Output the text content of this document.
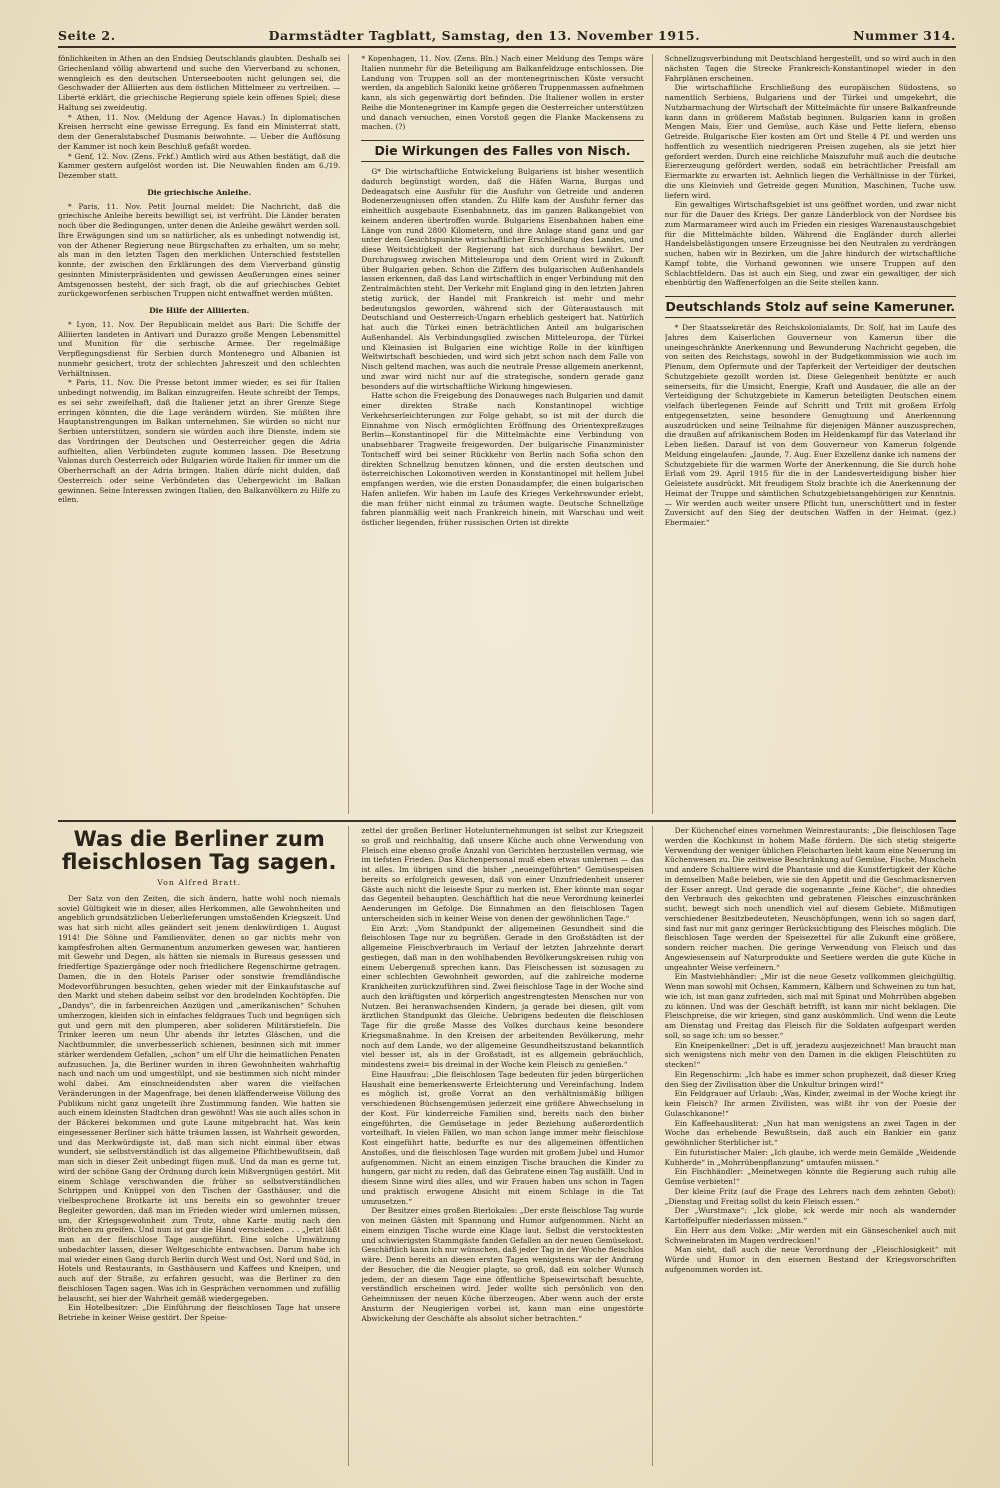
Seite 2.	Darmstädter Tagblatt, Samstag, den 13. November 1915.	Nummer 314.

fönlichkeiten in Athen an den Endsieg Deutschlands glaubten. Deshalb sei Griechenland völlig abwartend und suche den Vierverband zu schonen, wenngleich es den deutschen Unterseebooten nicht gelungen sei, die Geschwader der Alliierten aus dem östlichen Mittelmeer zu vertreiben. — Liberté erklärt, die griechische Regierung spiele kein offenes Spiel; diese Haltung sei zweideutig.

* Athen, 11. Nov. (Meldung der Agence Havas.) In diplomatischen Kreisen herrscht eine gewisse Erregung. Es fand ein Ministerrat statt, dem der Generalstabschef Dusmanis beiwohnte. — Ueber die Auflösung der Kammer ist noch kein Beschluß gefaßt worden.

* Genf, 12. Nov. (Zens. Frkf.) Amtlich wird aus Athen bestätigt, daß die Kammer gestern aufgelöst worden ist. Die Neuwahlen finden am 6./19. Dezember statt.

Die griechische Anleihe.

* Paris, 11. Nov. Petit Journal meldet: Die Nachricht, daß die griechische Anleihe bereits bewilligt sei, ist verfrüht. Die Länder beraten noch über die Bedingungen, unter denen die Anleihe gewährt werden soll. Ihre Erwägungen sind um so natürlicher, als es unbedingt notwendig ist, von der Athener Regierung neue Bürgschaften zu erhalten, um so mehr, als man in den letzten Tagen den merklichen Unterschied feststellen konnte, der zwischen den Erklärungen des dem Vierverband günstig gesinnten Ministerpräsidenten und gewissen Aeußerungen eines seiner Amtsgenossen besteht, der sich fragt, ob die auf griechisches Gebiet zurückgeworfenen serbischen Truppen nicht entwaffnet werden müßten.

Die Hilfe der Alliierten.

* Lyon, 11. Nov. Der Republicain meldet aus Bari: Die Schiffe der Alliierten landeten in Antivari und Durazzo große Mengen Lebensmittel und Munition für die serbische Armee. Der regelmäßige Verpflegungsdienst für Serbien durch Montenegro und Albanien ist nunmehr gesichert, trotz der schlechten Jahreszeit und den schlechten Verhältnissen.

* Paris, 11. Nov. Die Presse betont immer wieder, es sei für Italien unbedingt notwendig, im Balkan einzugreifen. Heute schreibt der Temps, es sei sehr zweifelhaft, daß die Italiener jetzt an ihrer Grenze Siege erringen könnten, die die Lage verändern würden. Sie müßten ihre Hauptanstrengungen im Balkan unternehmen. Sie würden so nicht nur Serbien unterstützen, sondern sie würden auch ihre Dienste, indem sie das Vordringen der Deutschen und Oesterreicher gegen die Adria aufhielten, allen Verbündeten zugute kommen lassen. Die Besetzung Valonas durch Oesterreich oder Bulgarien würde Italien für immer um die Oberherrschaft an der Adria bringen. Italien dürfe nicht dulden, daß Oesterreich oder seine Verbündeten das Uebergewicht im Balkan gewinnen. Seine Interessen zwingen Italien, den Balkanvölkern zu Hilfe zu eilen.

* Kopenhagen, 11. Nov. (Zens. Bln.) Nach einer Meldung des Temps wäre Italien nunmehr für die Beteiligung am Balkanfeldzuge entschlossen. Die Landung von Truppen soll an der montenegrinischen Küste versucht werden, da angeblich Saloniki keine größeren Truppenmassen aufnehmen kann, als sich gegenwärtig dort befinden. Die Italiener wollen in erster Reihe die Montenegriner im Kampfe gegen die Oesterreicher unterstützen und danach versuchen, einen Vorstoß gegen die Flanke Mackensens zu machen. (?)

Die Wirkungen des Falles von Nisch.

G* Die wirtschaftliche Entwickelung Bulgariens ist bisher wesentlich dadurch begünstigt worden, daß die Häfen Warna, Burgas und Dedeagatsch eine Ausfuhr für die Ausfuhr von Getreide und anderen Bodenerzeugnissen offen standen. Zu Hilfe kam der Ausfuhr ferner das einheitlich ausgebaute Eisenbahnnetz, das im ganzen Balkangebiet von keinem anderen übertroffen wurde. Bulgariens Eisenbahnen haben eine Länge von rund 2800 Kilometern, und ihre Anlage stand ganz und gar unter dem Gesichtspunkte wirtschaftlicher Erschließung des Landes, und diese Weitsichtigkeit der Regierung hat sich durchaus bewährt. Der Durchzugsweg zwischen Mitteleuropa und dem Orient wird in Zukunft über Bulgarien gehen. Schon die Ziffern des bulgarischen Außenhandels lassen erkennen, daß das Land wirtschaftlich in enger Verbindung mit den Zentralmächten steht. Der Verkehr mit England ging in den letzten Jahren stetig zurück, der Handel mit Frankreich ist mehr und mehr bedeutungslos geworden, während sich der Güteraustausch mit Deutschland und Oesterreich-Ungarn erheblich gesteigert hat. Natürlich hat auch die Türkei einen beträchtlichen Anteil am bulgarischen Außenhandel. Als Verbindungsglied zwischen Mitteleuropa, der Türkei und Kleinasien ist Bulgarien eine wichtige Rolle in der künftigen Weltwirtschaft beschieden, und wird sich jetzt schon nach dem Falle von Nisch geltend machen, was auch die neutrale Presse allgemein anerkennt, und zwar wird nicht nur auf die strategische, sondern gerade ganz besonders auf die wirtschaftliche Wirkung hingewiesen.

Hatte schon die Freigebung des Donauweges nach Bulgarien und damit einer direkten Straße nach Konstantinopel wichtige Verkehrserleichterungen zur Folge gehabt, so ist mit der durch die Einnahme von Nisch ermöglichten Eröffnung des Orientexpreßzuges Berlin—Konstantinopel für die Mittelmächte eine Verbindung von unabsehbarer Tragweite freigeworden. Der bulgarische Finanzminister Tontscheff wird bei seiner Rückkehr von Berlin nach Sofia schon den direkten Schnellzug benutzen können, und die ersten deutschen und österreichischen Lokomotiven werden in Konstantinopel mit hellem Jubel empfangen werden, wie die ersten Donaudampfer, die einen bulgarischen Hafen anliefen. Wir haben im Laufe des Krieges Verkehrswunder erlebt, die man früher nicht einmal zu träumen wagte. Deutsche Schnellzüge fahren planmäßig weit nach Frankreich hinein, mit Warschau und weit östlicher liegenden, früher russischen Orten ist direkte

Schnellzugsverbindung mit Deutschland hergestellt, und so wird auch in den nächsten Tagen die Strecke Frankreich-Konstantinopel wieder in den Fahrplänen erscheinen.

Die wirtschaftliche Erschließung des europäischen Südostens, so namentlich Serbiens, Bulgariens und der Türkei und umgekehrt, die Nutzbarmachung der Wirtschaft der Mittelmächte für unsere Balkanfreunde kann dann in größerem Maßstab beginnen. Bulgarien kann in großen Mengen Mais, Eier und Gemüse, auch Käse und Fette liefern, ebenso Getreide. Bulgarische Eier kosten am Ort und Stelle 4 Pf. und werden uns hoffentlich zu wesentlich niedrigeren Preisen zugehen, als sie jetzt hier gefordert werden. Durch eine reichliche Maiszufuhr muß auch die deutsche Eiererzeugung gefördert werden, sodaß ein beträchtlicher Preisfall am Eiermarkte zu erwarten ist. Aehnlich liegen die Verhältnisse in der Türkei, die uns Kleinvieh und Getreide gegen Munition, Maschinen, Tuche usw. liefern wird.

Ein gewaltiges Wirtschaftsgebiet ist uns geöffnet worden, und zwar nicht nur für die Dauer des Kriegs. Der ganze Länderblock von der Nordsee bis zum Marmarameer wird auch im Frieden ein riesiges Warenaustauschgebiet für die Mittelmächte bilden. Während die Engländer durch allerlei Handelsbelästigungen unsere Erzeugnisse bei den Neutralen zu verdrängen suchen, haben wir in Bezirken, um die Jahre hindurch der wirtschaftliche Kampf tobte, die Vorhand gewonnen wie unsere Truppen auf den Schlachtfeldern. Das ist auch ein Sieg, und zwar ein gewaltiger, der sich ebenbürtig den Waffenerfolgen an die Seite stellen kann.

Deutschlands Stolz auf seine Kameruner.

* Der Staatssekretär des Reichskolonialamts, Dr. Solf, hat im Laufe des Jahres dem Kaiserlichen Gouverneur von Kamerun über die uneingeschränkte Anerkennung und Bewunderung Nachricht gegeben, die von seiten des Reichstags, sowohl in der Budgetkommission wie auch im Plenum, dem Opfermute und der Tapferkeit der Verteidiger der deutschen Schutzgebiete gezollt worden ist. Diese Gelegenheit benützte er auch seinerseits, für die Umsicht, Energie, Kraft und Ausdauer, die alle an der Verteidigung der Schutzgebiete in Kamerun beteiligten Deutschen einem vielfach überlegenen Feinde auf Schritt und Tritt mit großem Erfolg entgegensetzten, seine besondere Genugtuung und Anerkennung auszudrücken und seine Teilnahme für diejenigen Männer auszusprechen, die draußen auf afrikanischem Boden im Heldenkampf für das Vaterland ihr Leben ließen. Darauf ist von dem Gouverneur von Kamerun folgende Meldung eingelaufen: „Jaunde, 7. Aug. Euer Exzellenz danke ich namens der Schutzgebiete für die warmen Worte der Anerkennung, die Sie durch hohe Erlaß vom 29. April 1915 für die in der Landesverteidigung bisher hier Geleistete ausdrückt. Mit freudigem Stolz brachte ich die Anerkennung der Heimat der Truppe und sämtlichen Schutzgebietsangehörigen zur Kenntnis. — Wir werden auch weiter unsere Pflicht tun, unerschüttert und in fester Zuversicht auf den Sieg der deutschen Waffen in der Heimat. (gez.) Ebermaier.“

Was die Berliner zum fleischlosen Tag sagen.
Von Alfred Bratt.

Der Satz von den Zeiten, die sich ändern, hatte wohl noch niemals soviel Gültigkeit wie in dieser, alles Herkommen, alle Gewohnheiten und angeblich grundsätzlichen Ueberlieferungen umstoßenden Kriegszeit. Und was hat sich nicht alles geändert seit jenem denkwürdigen 1. August 1914! Die Söhne und Familienväter, denen so gar nichts mehr von kampfesfrohen alten Germanentum anzumerken gewesen war, hantieren mit Gewehr und Degen, als hätten sie niemals in Bureaus gesessen und friedfertige Spaziergänge oder noch friedlichere Regenschirme getragen. Damen, die in den Hotels Pariser oder sonstwie fremdländische Modevorführungen besuchten, gehen wieder mit der Einkaufstasche auf den Markt und stehen dabeim selbst vor den brodelnden Kochtöpfen. Die „Dandys“, die in farbenreichen Anzügen und „amerikanischen“ Schuhen umherzogen, kleiden sich in einfaches feldgraues Tuch und begnügen sich gut und gern mit den plumperen, aber solideren Militärstiefeln. Die Trinker leeren um neun Uhr abends ihr letztes Gläschen, und die Nachtbummler, die unverbesserlich schienen, besinnen sich mit immer stärker werdendem Gefallen, „schon“ um elf Uhr die heimatlichen Penaten aufzusuchen. Ja, die Berliner wurden in ihren Gewohnheiten wahrhaftig nach und nach um und umgestülpt, und sie bestimmen sich nicht minder wohl dabei. Am einschneidendsten aber waren die vielfachen Veränderungen in der Magenfrage, bei denen kläffenderweise Völlung des Publikum nicht ganz ungeteilt ihre Zustimmung fanden. Wie hatten sie auch einem kleinsten Stadtchen dran gewöhnt! Was sie auch alles schon in der Bäckerei bekommen und gute Laune mitgebracht hat. Was kein eingesessener Berliner sich hätte träumen lassen, ist Wahrheit geworden, und das Merkwürdigste ist, daß man sich nicht einmal über etwas wundert, sie selbstverständlich ist das allgemeine Pflichtbewußtsein, daß man sich in dieser Zeit unbedingt fügen muß. Und da man es gerne tut, wird der schöne Gang der Ordnung durch kein Mißvergnügen gestört. Mit einem Schlage verschwanden die früher so selbstverständlichen Schrippen und Knüppel von den Tischen der Gasthäuser, und die vielbesprochene Brotkarte ist uns bereits ein so gewohnter treuer Begleiter geworden, daß man im Frieden wieder wird umlernen müssen, um, der Kriegsgewohnheit zum Trotz, ohne Karte mutig nach den Brötchen zu greifen. Und nun ist gar die Hand verschieden . . . „Jetzt läßt man an der fleischlose Tage ausgeführt. Eine solche Umwälzung unbedachter lassen, dieser Weltgeschichte entwachsen. Darum habe ich mal wieder einen Gang durch Berlin durch West und Ost, Nord und Süd, in Hotels und Restaurants, in Gasthäusern und Kaffees und Kneipen, und auch auf der Straße, zu erfahren gesucht, was die Berliner zu den fleischlosen Tagen sagen. Was ich in Gesprächen vernommen und zufällig belauscht, sei hier der Wahrheit gemäß wiedergegeben.

Ein Hotelbesitzer: „Die Einführung der fleischlosen Tage hat unsere Betriebe in keiner Weise gestört. Der Speise-

zettel der großen Berliner Hotelunternehmungen ist selbst zur Kriegszeit so groß und reichhaltig, daß unsere Küche auch ohne Verwendung von Fleisch eine ebenso große Anzahl von Gerichten herzustellen vermag, wie im tiefsten Frieden. Das Küchenpersonal muß eben etwas umlernen — das ist alles. Im übrigen sind die bisher „neueingeführten“ Gemüsespeisen bereits so erfolgreich gewesen, daß von einer Unzufriedenheit unserer Gäste auch nicht die leiseste Spur zu merken ist. Eher könnte man sogar das Gegenteil behaupten. Geschäftlich hat die neue Verordnung keinerlei Aenderungen im Gefolge. Die Einnahmen an den fleischlosen Tagen unterscheiden sich in keiner Weise von denen der gewöhnlichen Tage.“

Ein Arzt: „Vom Standpunkt der allgemeinen Gesundheit sind die fleischlosen Tage nur zu begrüßen. Gerade in den Großstädten ist der allgemeine Fleischverbrauch im Verlauf der letzten Jahrzehnte derart gestiegen, daß man in den wohlhabenden Bevölkerungskreisen ruhig von einem Uebergenuß sprechen kann. Das Fleischessen ist sozusagen zu einer schlechten Gewohnheit geworden, auf die zahlreiche moderne Krankheiten zurückzuführen sind. Zwei fleischlose Tage in der Woche sind auch den kräftigsten und körperlich angestrengtesten Menschen nur von Nutzen. Bei heranwachsenden Kindern, ja gerade bei diesen, gilt vom ärztlichen Standpunkt das Gleiche. Uebrigens bedeuten die fleischlosen Tage für die große Masse des Volkes durchaus keine besondere Kriegsmaßnahme. In den Kreisen der arbeitenden Bevölkerung, mehr noch auf dem Lande, wo der allgemeine Gesundheitszustand bekanntlich viel besser ist, als in der Großstadt, ist es allgemein gebräuchlich, mindestens zwei= bis dreimal in der Woche kein Fleisch zu genießen.“

Eine Hausfrau: „Die fleischlosen Tage bedeuten für jeden bürgerlichen Haushalt eine bemerkenswerte Erleichterung und Vereinfachung. Indem es möglich ist, große Vorrat an den verhältnismäßig billigen verschiedenen Büchsengemüsen jederzeit eine größere Abwechselung in der Kost. Für kinderreiche Familien sind, bereits nach den bisher eingeführten, die Gemüsetage in jeder Beziehung außerordentlich vorteilhaft. In vielen Fällen, wo man schon lange immer mehr fleischlose Kost eingeführt hatte, bedurfte es nur des allgemeinen öffentlichen Anstoßes, und die fleischlosen Tage wurden mit großem Jubel und Humor aufgenommen. Nicht an einem einzigen Tische brauchen die Kinder zu hungern, gar nicht zu reden, daß das Gebratene einen Tag ausfällt. Und in diesem Sinne wird dies alles, und wir Frauen haben uns schon in Tagen und praktisch erwogene Absicht mit einem Schlage in die Tat umzusetzen.“

Der Besitzer eines großen Bierlokales: „Der erste fleischlose Tag wurde von meinen Gästen mit Spannung und Humor aufgenommen. Nicht an einem einzigen Tische wurde eine Klage laut. Selbst die verstocktesten und schwierigsten Stammgäste fanden Gefallen an der neuen Gemüsekost. Geschäftlich kann ich nur wünschen, daß jeder Tag in der Woche fleischlos wäre. Denn bereits an diesen ersten Tagen wenigstens war der Andrang der Besucher, die die Neugier plagte, so groß, daß ein solcher Wunsch jedem, der an diesem Tage eine öffentliche Speisewirtschaft besuchte, verständlich erscheinen wird. Jeder wollte sich persönlich von den Geheimnissen der neuen Küche überzeugen. Aber wenn auch der erste Ansturm der Neugierigen vorbei ist, kann man eine ungestörte Abwickelung der Geschäfte als absolut sicher betrachten.“

Der Küchenchef eines vornehmen Weinrestaurants: „Die fleischlosen Tage werden die Kochkunst in hohem Maße fördern. Die sich stetig steigerte Verwendung der weniger üblichen Fleischarten liebt kaum eine Neuerung im Küchenwesen zu. Die zeitweise Beschränkung auf Gemüse, Fische, Muscheln und andere Schaltiere wird die Phantasie und die Kunstfertigkeit der Küche in demselben Maße beleben, wie sie den Appetit und die Geschmacksnerven der Esser anregt. Und gerade die sogenannte „feine Küche“, die ohnedies den Verbrauch des gekochten und gebratenen Fleisches einzuschränken sucht, bewegt sich noch unendlich viel auf diesem Gebiete. Mißmutigen verschiedener Besitzbedeuteten, Neuschöpfungen, wenn ich so sagen darf, sind fast nur mit ganz geringer Berücksichtigung des Fleisches möglich. Die fleischlosen Tage werden der Speisezettel für alle Zukunft eine größere, sondern reicher machen. Die geringe Verwendung von Fleisch und das Angewiesensein auf Naturprodukte und Seetiere werden die gute Küche in ungeahnter Weise verfeinern.“

Ein Mastviehhändler: „Mir ist die neue Gesetz vollkommen gleichgültig. Wenn man sowohl mit Ochsen, Kammern, Kälbern und Schweinen zu tun hat, wie ich, ist man ganz zufrieden, sich mal mit Spinat und Mohrrüben abgeben zu können. Und was der Geschäft betrifft, ist kann mir nicht beklagen. Die Fleischpreise, die wir kriegen, sind ganz auskömmlich. Und wenn die Leute am Dienstag und Freitag das Fleisch für die Soldaten aufgespart werden soll, so sage ich: um so besser.“

Ein Kneipenkellner: „Det is uff, jeradezu ausjezeichnet! Man braucht man sich wenigstens nich mehr von den Damen in die ekligen Fleischtüten zu stecken!“

Ein Regenschirm: „Ich habe es immer schon prophezeit, daß dieser Krieg den Sieg der Zivilisation über die Unkultur bringen wird!“

Ein Feldgrauer auf Urlaub: „Was, Kinder, zweimal in der Woche kriegt ihr kein Fleisch? Ihr armen Zivilisten, was wißt ihr von der Poesie der Gulaschkanone!“

Ein Kaffeehausliterat: „Nun hat man wenigstens an zwei Tagen in der Woche das erhebende Bewußtsein, daß auch ein Bankier ein ganz gewöhnlicher Sterblicher ist.“

Ein futuristischer Maler: „Ich glaube, ich werde mein Gemälde „Weidende Kuhherde“ in „Mohrrübenpflanzung“ umtaufen müssen.“

Ein Fischhändler: „Meinetwegen könnte die Regierung auch ruhig alle Gemüse verbieten!“

Der kleine Fritz (auf die Frage des Lehrers nach dem zehnten Gebot): „Dienstag und Freitag sollst du kein Fleisch essen.“

Der „Wurstmaxe“: „Ick globe, ick werde mir noch als wandernder Kartoffelpuffer niederlassen müssen.“

Ein Herr aus dem Volke: „Mir werden mit ein Gänseschenkel auch mit Schweinebraten im Magen verdrecksen!“

Man sieht, daß auch die neue Verordnung der „Fleischlosigkeit“ mit Würde und Humor in den eisernen Bestand der Kriegsvorschriften aufgenommen worden ist.
